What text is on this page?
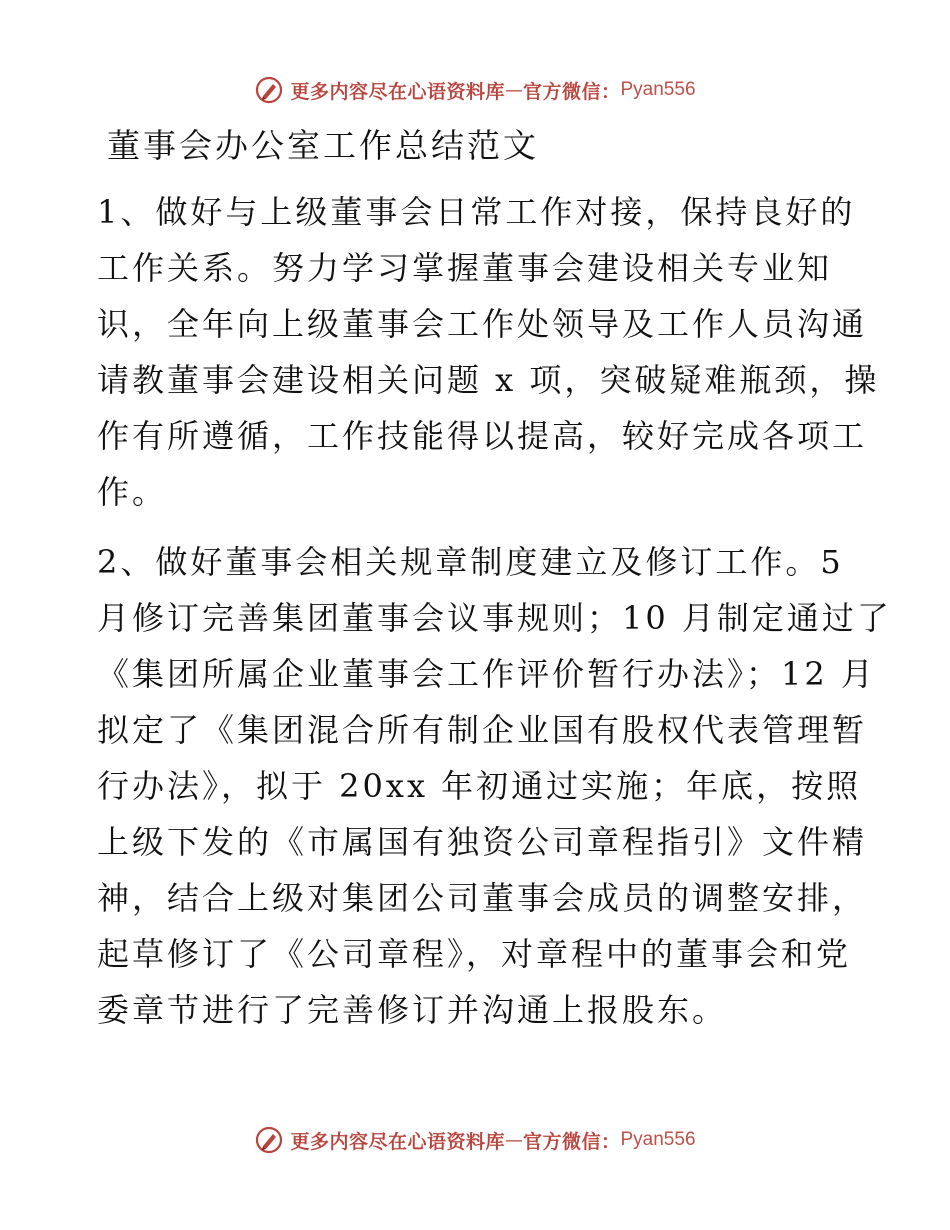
更多内容尽在心语资料库 — 官方微信： Pyan556
董事会办公室工作总结范文

1、做好与上级董事会日常工作对接，保持良好的
工作关系。努力学习掌握董事会建设相关专业知
识，全年向上级董事会工作处领导及工作人员沟通
请教董事会建设相关问题 x 项，突破疑难瓶颈，操
作有所遵循，工作技能得以提高，较好完成各项工
作。

2、做好董事会相关规章制度建立及修订工作。5
月修订完善集团董事会议事规则；10 月制定通过了
《集团所属企业董事会工作评价暂行办法》；12 月
拟定了《集团混合所有制企业国有股权代表管理暂
行办法》，拟于 20xx 年初通过实施；年底，按照
上级下发的《市属国有独资公司章程指引》文件精
神，结合上级对集团公司董事会成员的调整安排，
起草修订了《公司章程》，对章程中的董事会和党
委章节进行了完善修订并沟通上报股东。

更多内容尽在心语资料库 — 官方微信： Pyan556
